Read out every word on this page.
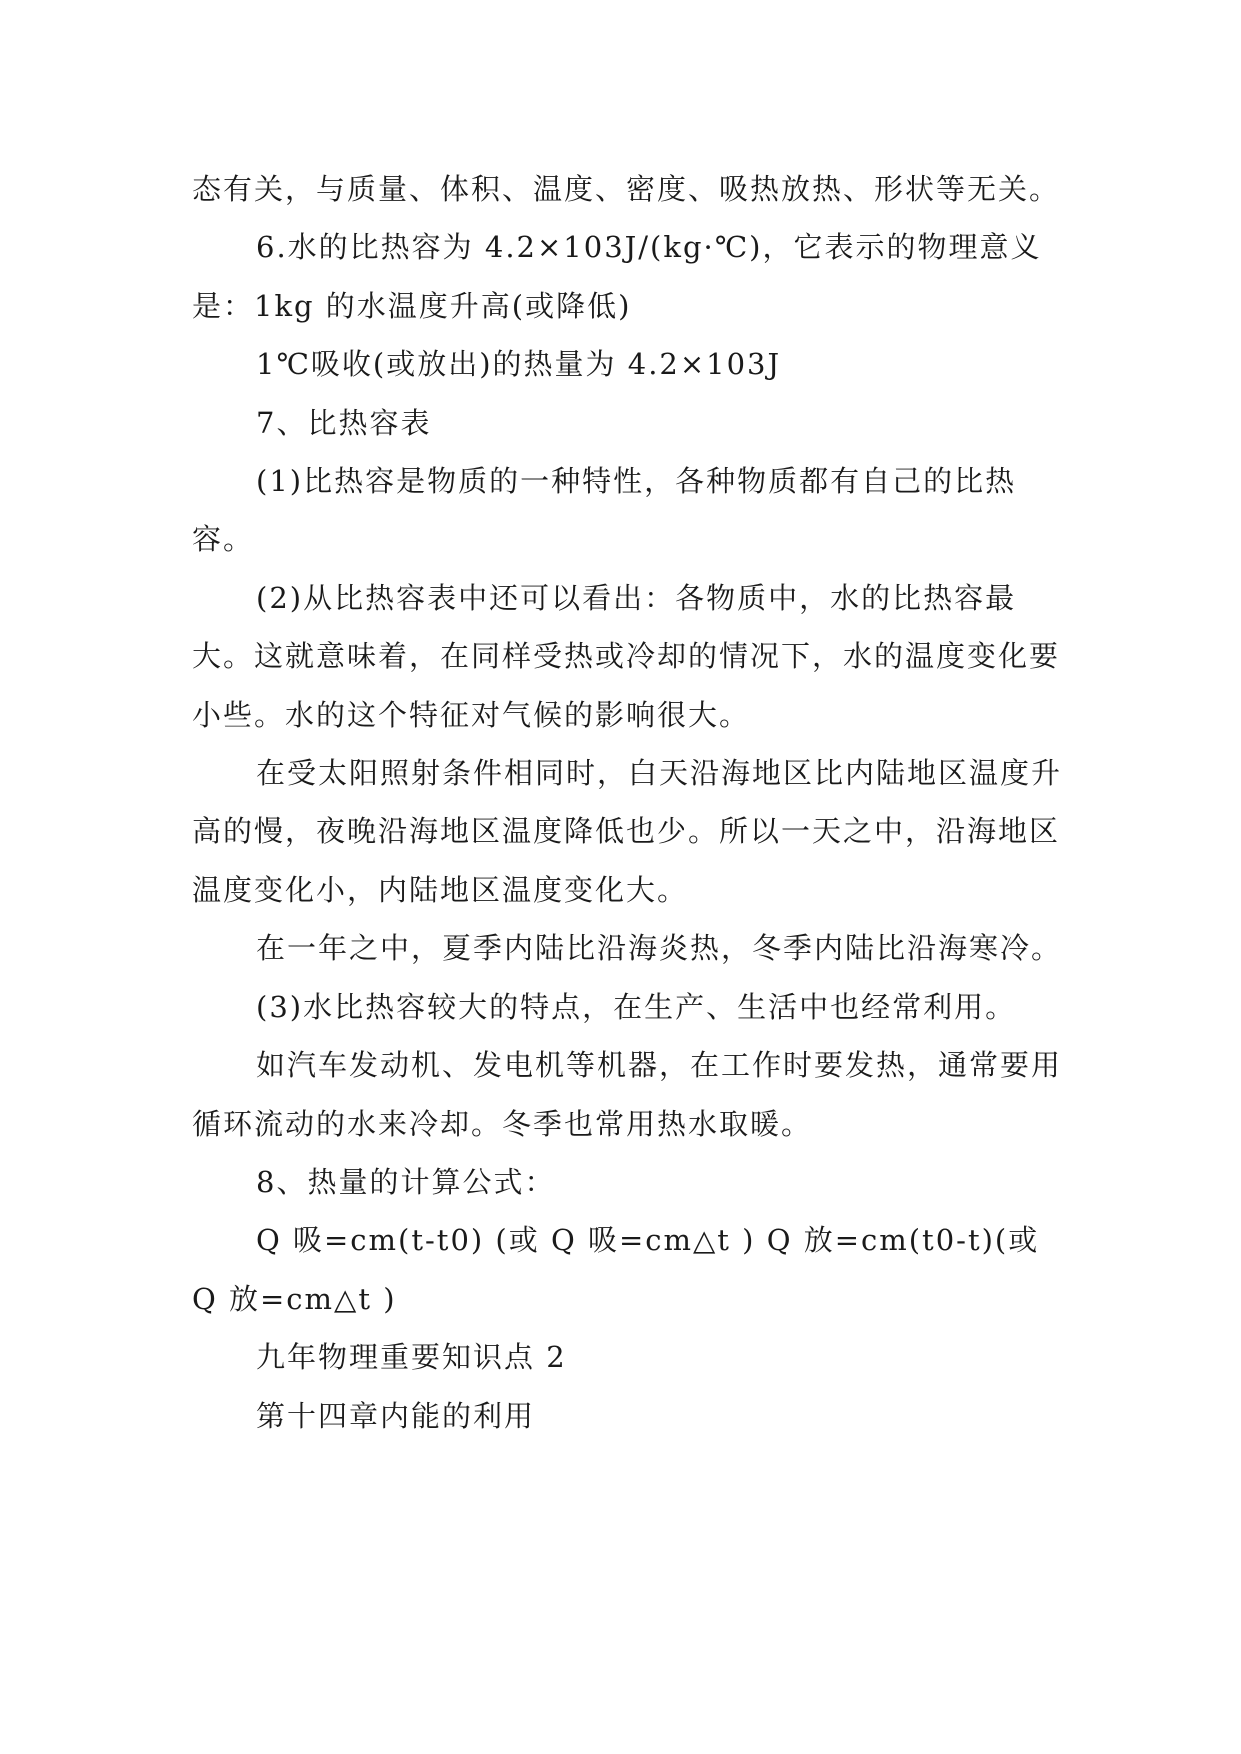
态有关，与质量、体积、温度、密度、吸热放热、形状等无关。

6.水的比热容为 4.2×103J/(kg·℃)，它表示的物理意义是：1kg 的水温度升高(或降低)

1℃吸收(或放出)的热量为 4.2×103J

7、比热容表

(1)比热容是物质的一种特性，各种物质都有自己的比热容。

(2)从比热容表中还可以看出：各物质中，水的比热容最大。这就意味着，在同样受热或冷却的情况下，水的温度变化要小些。水的这个特征对气候的影响很大。

在受太阳照射条件相同时，白天沿海地区比内陆地区温度升高的慢，夜晚沿海地区温度降低也少。所以一天之中，沿海地区温度变化小，内陆地区温度变化大。

在一年之中，夏季内陆比沿海炎热，冬季内陆比沿海寒冷。

(3)水比热容较大的特点，在生产、生活中也经常利用。

如汽车发动机、发电机等机器，在工作时要发热，通常要用循环流动的水来冷却。冬季也常用热水取暖。

8、热量的计算公式：

Q 吸=cm(t-t0) (或 Q 吸=cm△t ) Q 放=cm(t0-t)(或 Q 放=cm△t )

九年物理重要知识点 2

第十四章内能的利用
